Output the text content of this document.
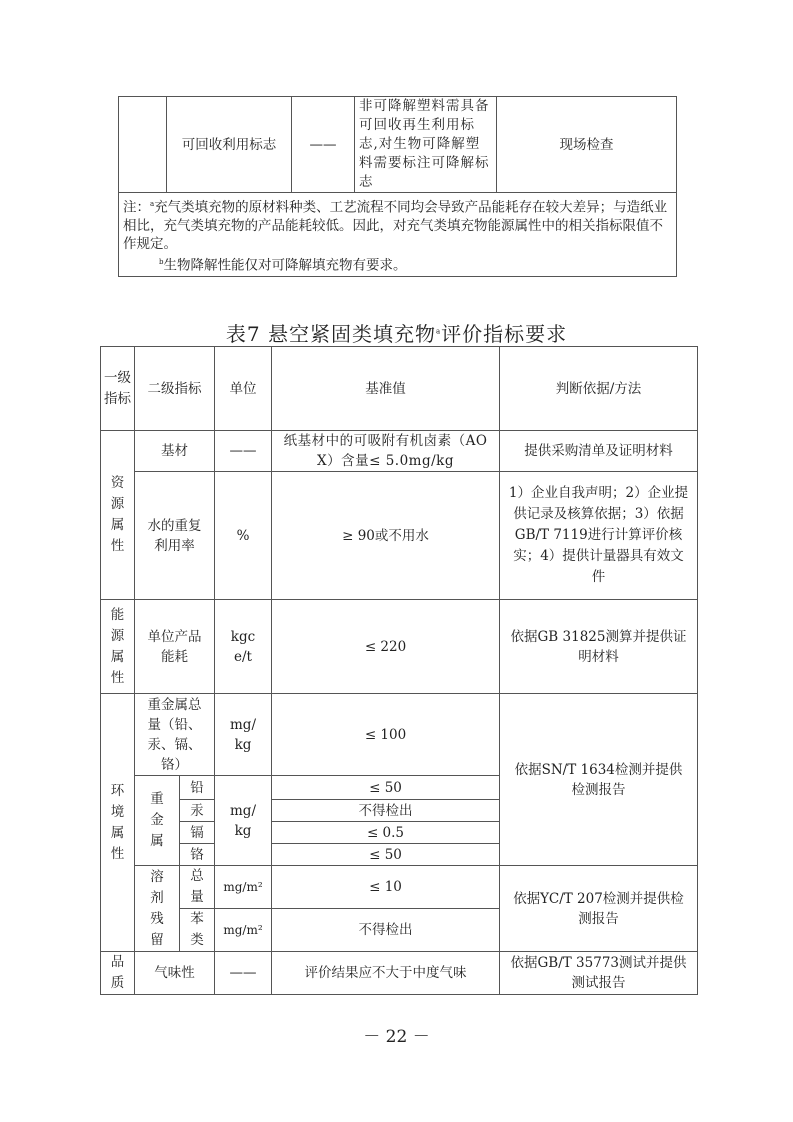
	可回收利用标志	——	非可降解塑料需具备可回收再生利用标志,对生物可降解塑料需要标注可降解标志	现场检查
注：$^a$充气类填充物的原材料种类、工艺流程不同均会导致产品能耗存在较大差异；与造纸业相比，充气类填充物的产品能耗较低。因此，对充气类填充物能源属性中的相关指标限值不作规定。
$^b$生物降解性能仅对可降解填充物有要求。
表7 悬空紧固类填充物$^a$评价指标要求
一级指标	二级指标		单位	基准值	判断依据/方法
资源属性	基材		——	纸基材中的可吸附有机卤素（AOX）含量≤ 5.0mg/kg	提供采购清单及证明材料
	水的重复利用率		%	≥ 90或不用水	1）企业自我声明；2）企业提供记录及核算依据；3）依据GB/T 7119进行计算评价核实；4）提供计量器具有效文件
能源属性	单位产品能耗		kgce/t	≤ 220	依据GB 31825测算并提供证明材料
环境属性	重金属总量（铅、汞、镉、铬）		mg/kg	≤ 100	依据SN/T 1634检测并提供检测报告
	重金属	铅	mg/kg	≤ 50	
		汞		不得检出	
		镉		≤ 0.5	
		铬		≤ 50	
	溶剂残留	总量	mg/m²	≤ 10	依据YC/T 207检测并提供检测报告
		苯类	mg/m²	不得检出	
品质	气味性		——	评价结果应不大于中度气味	依据GB/T 35773测试并提供测试报告
－ 22 －
